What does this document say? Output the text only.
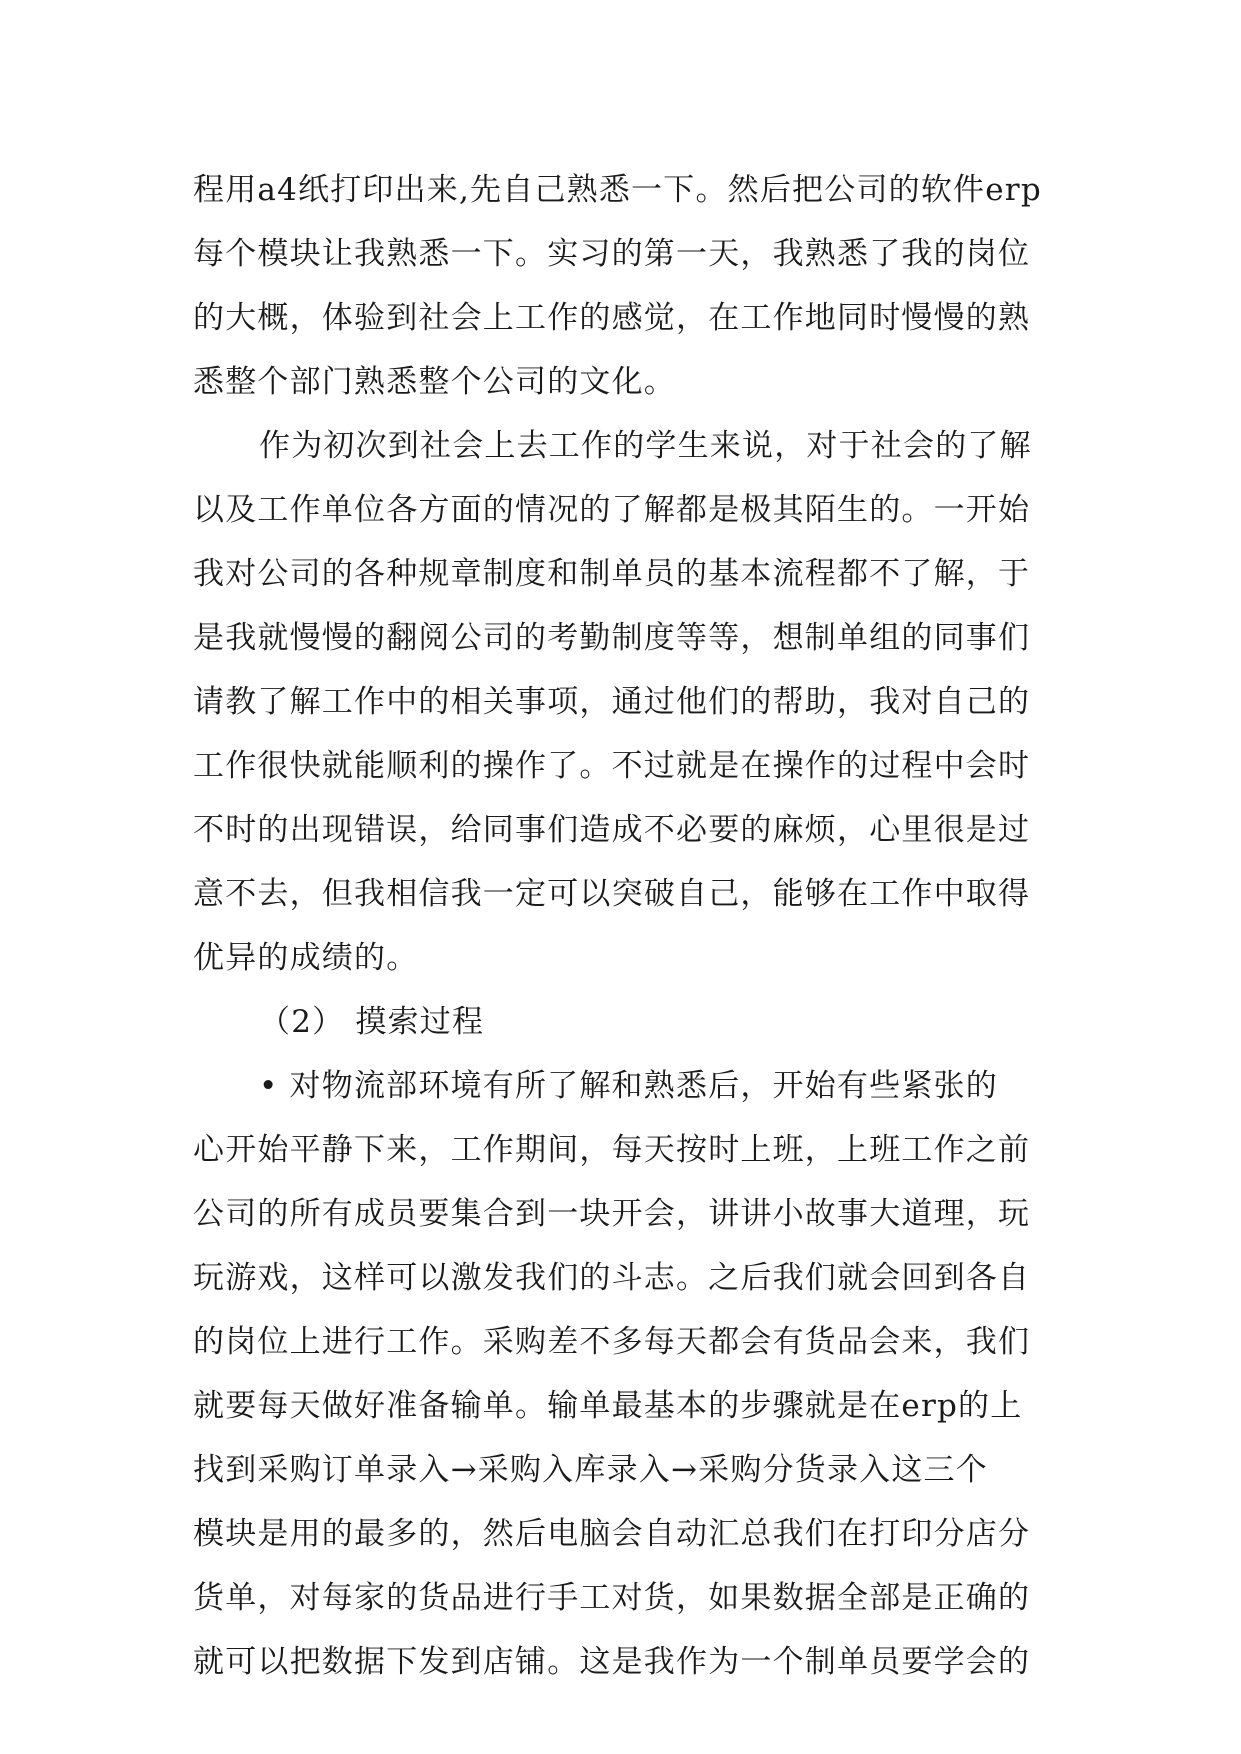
程用a4纸打印出来,先自己熟悉一下。然后把公司的软件erp
每个模块让我熟悉一下。实习的第一天，我熟悉了我的岗位
的大概，体验到社会上工作的感觉，在工作地同时慢慢的熟
悉整个部门熟悉整个公司的文化。
作为初次到社会上去工作的学生来说，对于社会的了解
以及工作单位各方面的情况的了解都是极其陌生的。一开始
我对公司的各种规章制度和制单员的基本流程都不了解，于
是我就慢慢的翻阅公司的考勤制度等等，想制单组的同事们
请教了解工作中的相关事项，通过他们的帮助，我对自己的
工作很快就能顺利的操作了。不过就是在操作的过程中会时
不时的出现错误，给同事们造成不必要的麻烦，心里很是过
意不去，但我相信我一定可以突破自己，能够在工作中取得
优异的成绩的。
（2） 摸索过程
• 对物流部环境有所了解和熟悉后，开始有些紧张的
心开始平静下来，工作期间，每天按时上班，上班工作之前
公司的所有成员要集合到一块开会，讲讲小故事大道理，玩
玩游戏，这样可以激发我们的斗志。之后我们就会回到各自
的岗位上进行工作。采购差不多每天都会有货品会来，我们
就要每天做好准备输单。输单最基本的步骤就是在erp的上
找到采购订单录入→采购入库录入→采购分货录入这三个
模块是用的最多的，然后电脑会自动汇总我们在打印分店分
货单，对每家的货品进行手工对货，如果数据全部是正确的
就可以把数据下发到店铺。这是我作为一个制单员要学会的
